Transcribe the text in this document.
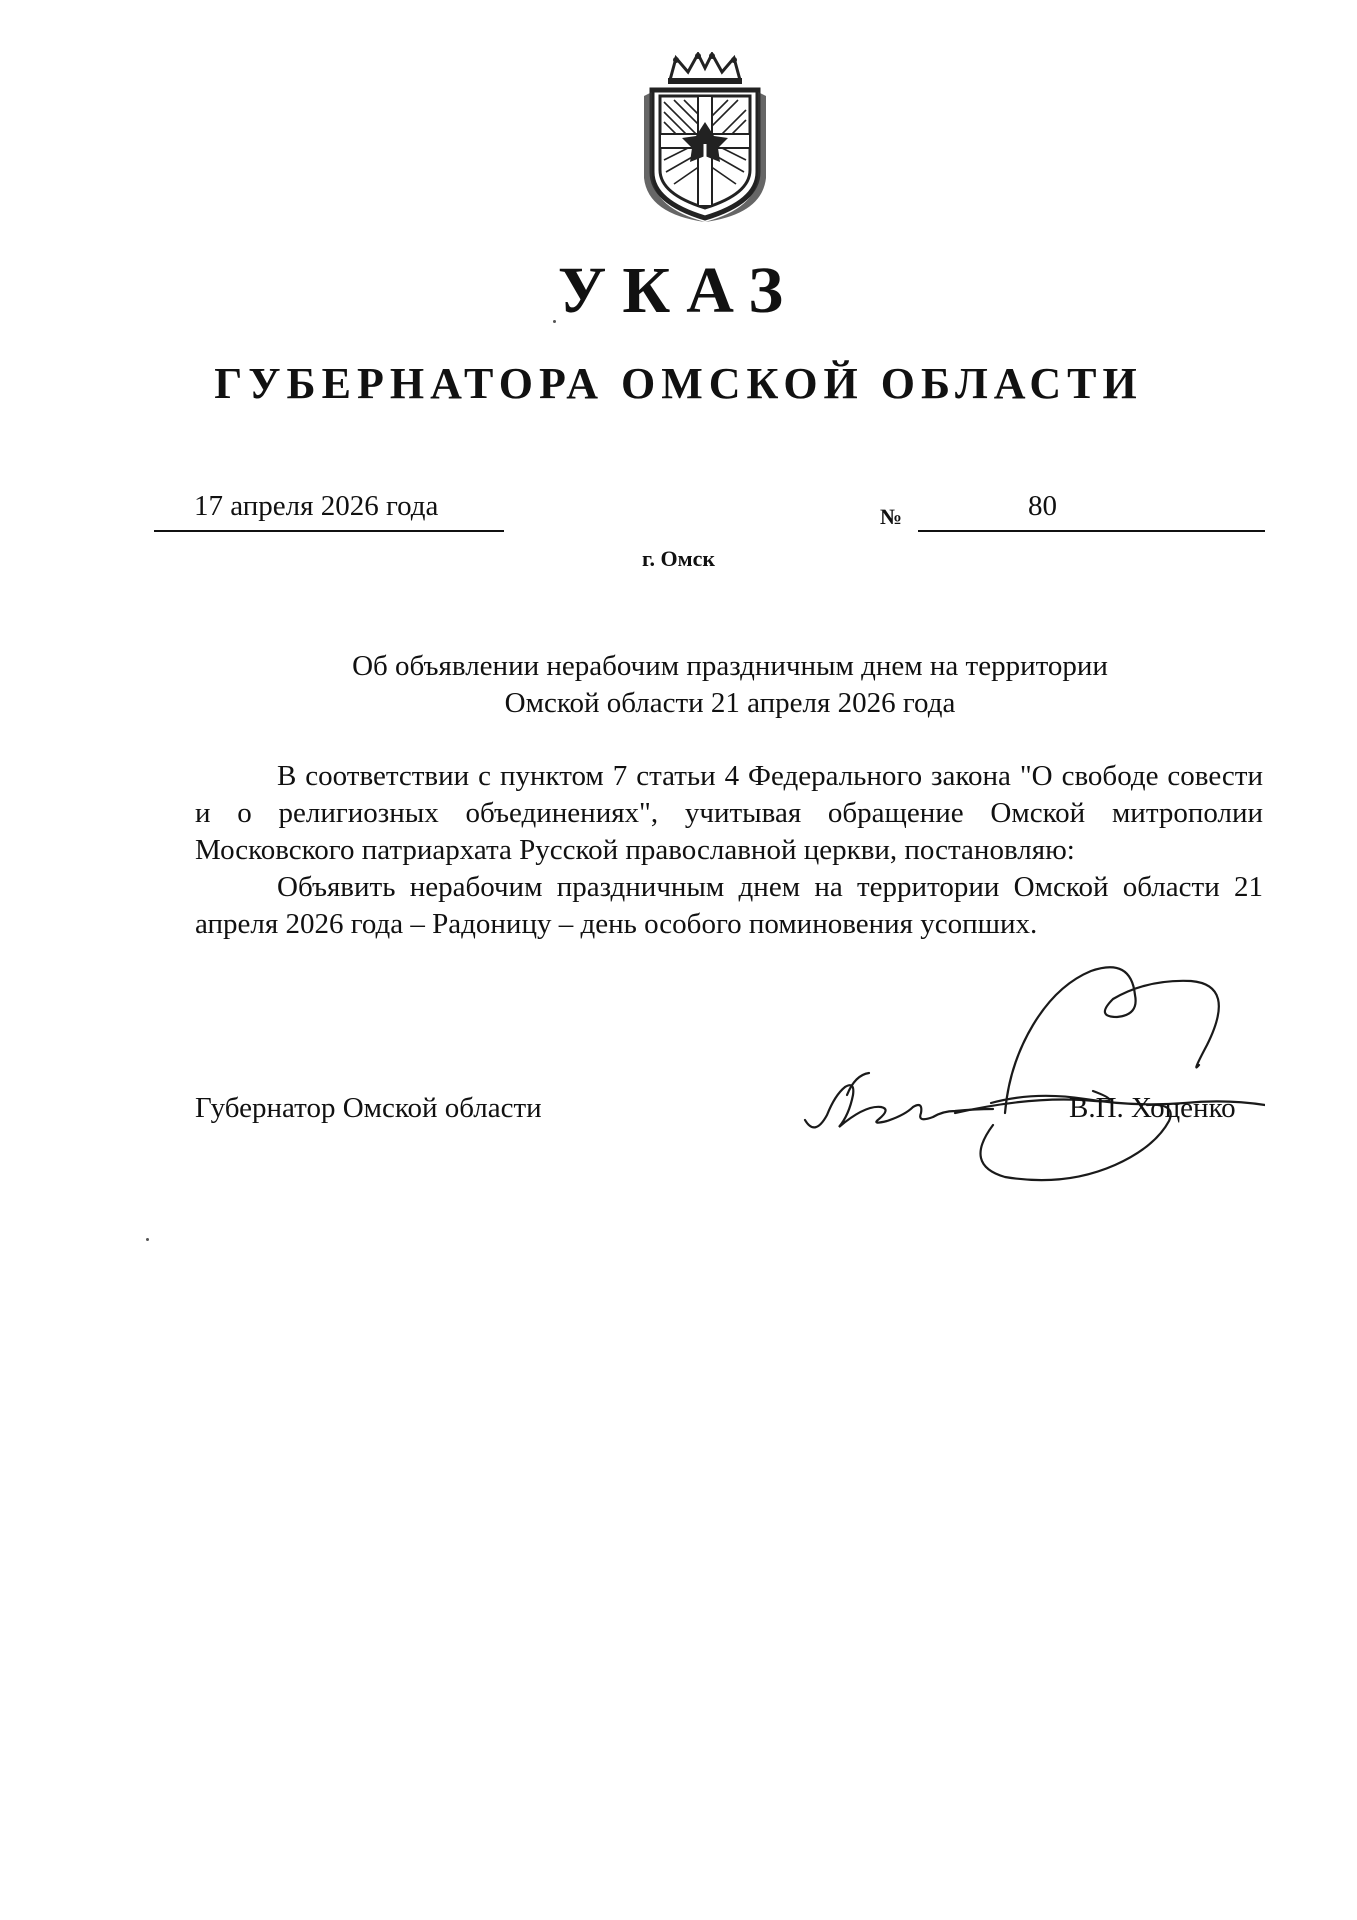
УКАЗ
ГУБЕРНАТОРА ОМСКОЙ ОБЛАСТИ
17 апреля 2026 года	№	80
г. Омск
Об объявлении нерабочим праздничным днем на территории
Омской области 21 апреля 2026 года

В соответствии с пунктом 7 статьи 4 Федерального закона "О свободе совести и о религиозных объединениях", учитывая обращение Омской митрополии Московского патриархата Русской православной церкви, постановляю:

Объявить нерабочим праздничным днем на территории Омской области 21 апреля 2026 года – Радоницу – день особого поминовения усопших.

Губернатор Омской области	В.П. Хоценко
